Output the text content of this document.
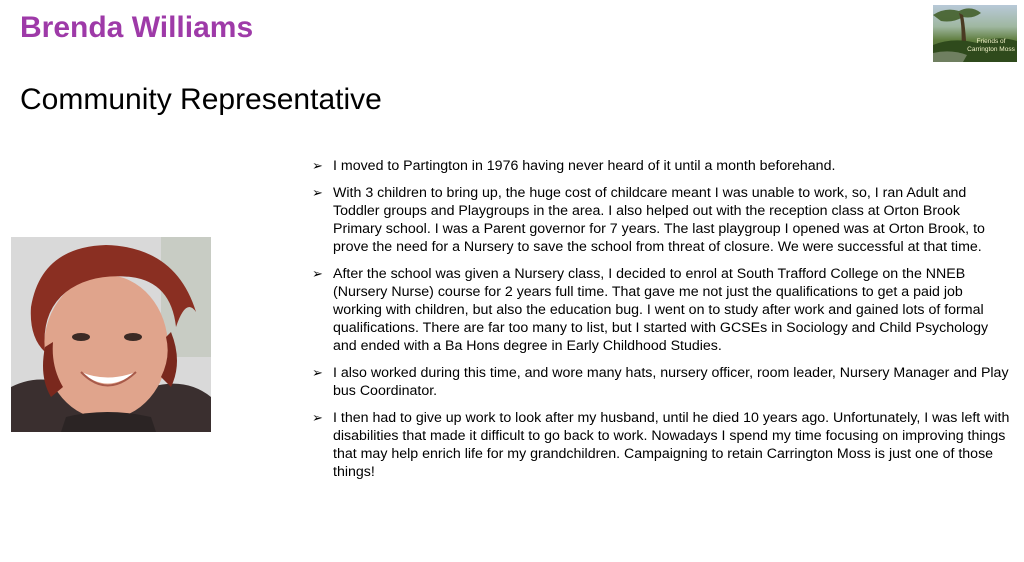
Brenda Williams
Community Representative
Friends of Carrington Moss
➢ I moved to Partington in 1976 having never heard of it until a month beforehand.
➢ With 3 children to bring up, the huge cost of childcare meant I was unable to work, so, I ran Adult and Toddler groups and Playgroups in the area. I also helped out with the reception class at Orton Brook Primary school. I was a Parent governor for 7 years. The last playgroup I opened was at Orton Brook, to prove the need for a Nursery to save the school from threat of closure. We were successful at that time.
➢ After the school was given a Nursery class, I decided to enrol at South Trafford College on the NNEB (Nursery Nurse) course for 2 years full time. That gave me not just the qualifications to get a paid job working with children, but also the education bug. I went on to study after work and gained lots of formal qualifications. There are far too many to list, but I started with GCSEs in Sociology and Child Psychology and ended with a Ba Hons degree in Early Childhood Studies.
➢ I also worked during this time, and wore many hats, nursery officer, room leader, Nursery Manager and Play bus Coordinator.
➢ I then had to give up work to look after my husband, until he died 10 years ago. Unfortunately, I was left with disabilities that made it difficult to go back to work. Nowadays I spend my time focusing on improving things that may help enrich life for my grandchildren. Campaigning to retain Carrington Moss is just one of those things!
